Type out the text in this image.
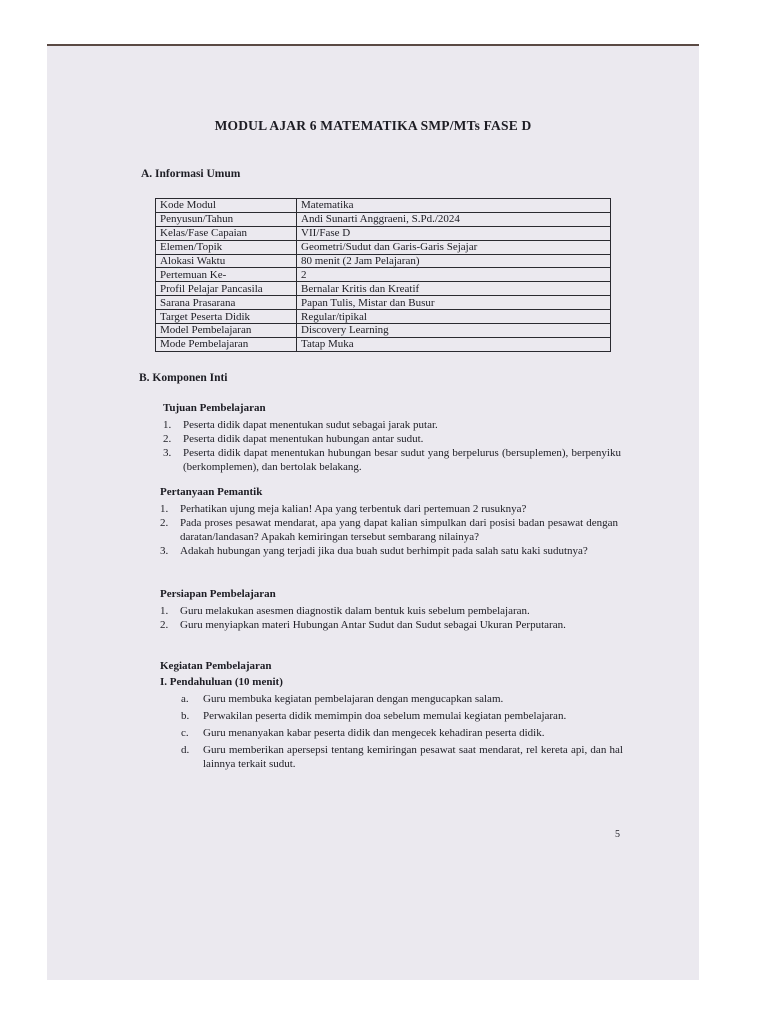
MODUL AJAR 6 MATEMATIKA SMP/MTs FASE D
A. Informasi Umum
Kode Modul	Matematika
Penyusun/Tahun	Andi Sunarti Anggraeni, S.Pd./2024
Kelas/Fase Capaian	VII/Fase D
Elemen/Topik	Geometri/Sudut dan Garis-Garis Sejajar
Alokasi Waktu	80 menit (2 Jam Pelajaran)
Pertemuan Ke-	2
Profil Pelajar Pancasila	Bernalar Kritis dan Kreatif
Sarana Prasarana	Papan Tulis, Mistar dan Busur
Target Peserta Didik	Regular/tipikal
Model Pembelajaran	Discovery Learning
Mode Pembelajaran	Tatap Muka
B. Komponen Inti
Tujuan Pembelajaran
1. Peserta didik dapat menentukan sudut sebagai jarak putar.
2. Peserta didik dapat menentukan hubungan antar sudut.
3. Peserta didik dapat menentukan hubungan besar sudut yang berpelurus (bersuplemen), berpenyiku (berkomplemen), dan bertolak belakang.
Pertanyaan Pemantik
1. Perhatikan ujung meja kalian! Apa yang terbentuk dari pertemuan 2 rusuknya?
2. Pada proses pesawat mendarat, apa yang dapat kalian simpulkan dari posisi badan pesawat dengan daratan/landasan? Apakah kemiringan tersebut sembarang nilainya?
3. Adakah hubungan yang terjadi jika dua buah sudut berhimpit pada salah satu kaki sudutnya?
Persiapan Pembelajaran
1. Guru melakukan asesmen diagnostik dalam bentuk kuis sebelum pembelajaran.
2. Guru menyiapkan materi Hubungan Antar Sudut dan Sudut sebagai Ukuran Perputaran.
Kegiatan Pembelajaran
I. Pendahuluan (10 menit)
a. Guru membuka kegiatan pembelajaran dengan mengucapkan salam.
b. Perwakilan peserta didik memimpin doa sebelum memulai kegiatan pembelajaran.
c. Guru menanyakan kabar peserta didik dan mengecek kehadiran peserta didik.
d. Guru memberikan apersepsi tentang kemiringan pesawat saat mendarat, rel kereta api, dan hal lainnya terkait sudut.
5
